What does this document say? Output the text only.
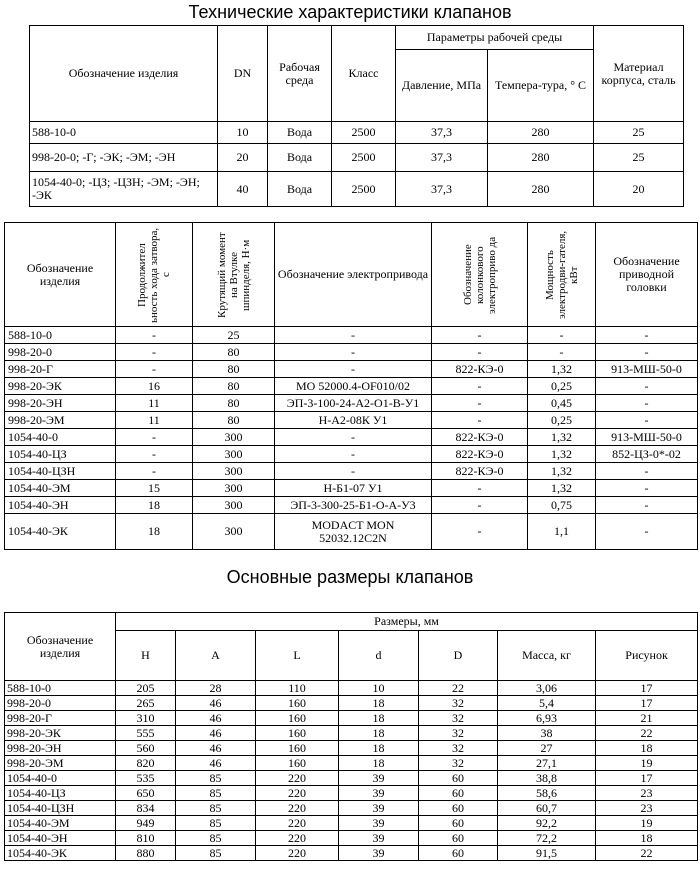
Технические характеристики клапанов
Обозначение изделия	DN	Рабочая среда	Класс	Параметры рабочей среды		Материал корпуса, сталь
				Давление, МПа	Темпера-тура, ° С	
588-10-0	10	Вода	2500	37,3	280	25
998-20-0; -Г; -ЭК; -ЭМ; -ЭН	20	Вода	2500	37,3	280	25
1054-40-0; -ЦЗ; -ЦЗН; -ЭМ; -ЭН; -ЭК	40	Вода	2500	37,3	280	20
Обозначение изделия	Продолжител ьность хода затвора, с	Крутящий момент на Втулке шпинделя, Н·м	Обозначение электропривода	Обозначение колонкового электроприво да	Мощность электродви-гателя, кВт	Обозначение приводной головки
588-10-0	-	25	-	-	-	-
998-20-0	-	80	-	-	-	-
998-20-Г	-	80	-	822-КЭ-0	1,32	913-МШ-50-0
998-20-ЭК	16	80	МО 52000.4-OF010/02	-	0,25	-
998-20-ЭН	11	80	ЭП-3-100-24-А2-О1-В-У1	-	0,45	-
998-20-ЭМ	11	80	Н-А2-08К У1	-	0,25	-
1054-40-0	-	300	-	822-КЭ-0	1,32	913-МШ-50-0
1054-40-ЦЗ	-	300	-	822-КЭ-0	1,32	852-ЦЗ-0*-02
1054-40-ЦЗН	-	300	-	822-КЭ-0	1,32	-
1054-40-ЭМ	15	300	Н-Б1-07 У1	-	1,32	-
1054-40-ЭН	18	300	ЭП-3-300-25-Б1-О-А-У3	-	0,75	-
1054-40-ЭК	18	300	MODACT MON 52032.12C2N	-	1,1	-
Основные размеры клапанов
Обозначение изделия	Размеры, мм						
	H	A	L	d	D	Масса, кг	Рисунок
588-10-0	205	28	110	10	22	3,06	17
998-20-0	265	46	160	18	32	5,4	17
998-20-Г	310	46	160	18	32	6,93	21
998-20-ЭК	555	46	160	18	32	38	22
998-20-ЭН	560	46	160	18	32	27	18
998-20-ЭМ	820	46	160	18	32	27,1	19
1054-40-0	535	85	220	39	60	38,8	17
1054-40-ЦЗ	650	85	220	39	60	58,6	23
1054-40-ЦЗН	834	85	220	39	60	60,7	23
1054-40-ЭМ	949	85	220	39	60	92,2	19
1054-40-ЭН	810	85	220	39	60	72,2	18
1054-40-ЭК	880	85	220	39	60	91,5	22
